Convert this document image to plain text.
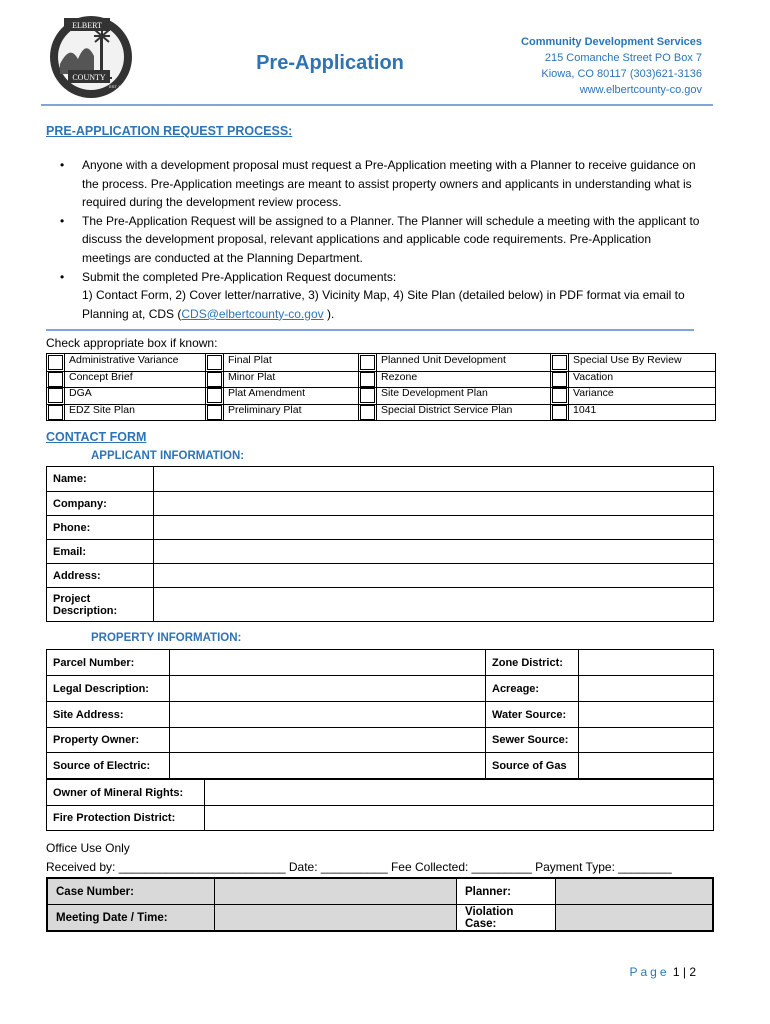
ELBERT
COUNTY
EST 1874
Pre-Application
Community Development Services
215 Comanche Street PO Box 7
Kiowa, CO 80117 (303)621-3136
www.elbertcounty-co.gov
PRE-APPLICATION REQUEST PROCESS:
• Anyone with a development proposal must request a Pre-Application meeting with a Planner to receive guidance on the process. Pre-Application meetings are meant to assist property owners and applicants in understanding what is required during the development review process.
• The Pre-Application Request will be assigned to a Planner. The Planner will schedule a meeting with the applicant to discuss the development proposal, relevant applications and applicable code requirements. Pre-Application meetings are conducted at the Planning Department.
• Submit the completed Pre-Application Request documents:
1) Contact Form, 2) Cover letter/narrative, 3) Vicinity Map, 4) Site Plan (detailed below) in PDF format via email to Planning at, CDS (CDS@elbertcounty-co.gov ).
Check appropriate box if known:
Administrative Variance	Final Plat	Planned Unit Development	Special Use By Review
Concept Brief	Minor Plat	Rezone	Vacation
DGA	Plat Amendment	Site Development Plan	Variance
EDZ Site Plan	Preliminary Plat	Special District Service Plan	1041
CONTACT FORM
APPLICANT INFORMATION:
Name:	
Company:	
Phone:	
Email:	
Address:	
Project
Description:	
PROPERTY INFORMATION:
Parcel Number:		Zone District:	
Legal Description:		Acreage:	
Site Address:		Water Source:	
Property Owner:		Sewer Source:	
Source of Electric:		Source of Gas	
Owner of Mineral Rights:	
Fire Protection District:	
Office Use Only
Received by: _________________________ Date: __________ Fee Collected: _________ Payment Type: ________
Case Number:		Planner:	
Meeting Date / Time:		Violation Case:	
Page 1 | 2
